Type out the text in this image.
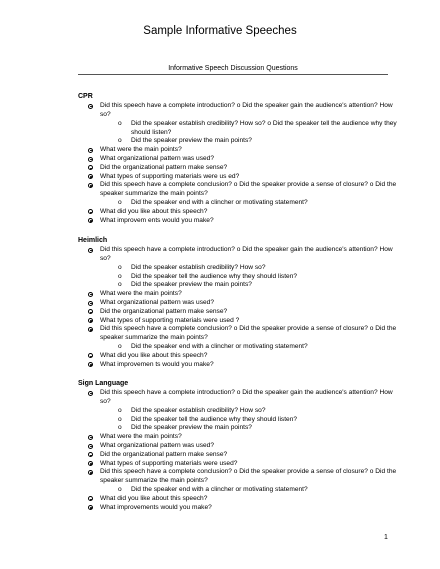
Sample Informative Speeches
Informative Speech Discussion Questions
CPR
Did this speech have a complete introduction? o Did the speaker gain the audience's attention? How so?
o Did the speaker establish credibility? How so? o Did the speaker tell the audience why they should listen?
o Did the speaker preview the main points?
What were the main points?
What organizational pattern was used?
Did the organizational pattern make sense?
What types of supporting materials were us ed?
Did this speech have a complete conclusion? o Did the speaker provide a sense of closure? o Did the speaker summarize the main points?
o Did the speaker end with a clincher or motivating statement?
What did you like about this speech?
What improvem ents would you make?
Heimlich
Did this speech have a complete introduction? o Did the speaker gain the audience's attention? How so?
o Did the speaker establish credibility? How so?
o Did the speaker tell the audience why they should listen?
o Did the speaker preview the main points?
What were the main points?
What organizational pattern was used?
Did the organizational pattern make sense?
What types of supporting materials were used ?
Did this speech have a complete conclusion? o Did the speaker provide a sense of closure? o Did the speaker summarize the main points?
o Did the speaker end with a clincher or motivating statement?
What did you like about this speech?
What improvemen ts would you make?
Sign Language
Did this speech have a complete introduction? o Did the speaker gain the audience's attention? How so?
o Did the speaker establish credibility? How so?
o Did the speaker tell the audience why they should listen?
o Did the speaker preview the main points?
What were the main points?
What organizational pattern was used?
Did the organizational pattern make sense?
What types of supporting materials were used?
Did this speech have a complete conclusion? o Did the speaker provide a sense of closure? o Did the speaker summarize the main points?
o Did the speaker end with a clincher or motivating statement?
What did you like about this speech?
What improvements would you make?
1
